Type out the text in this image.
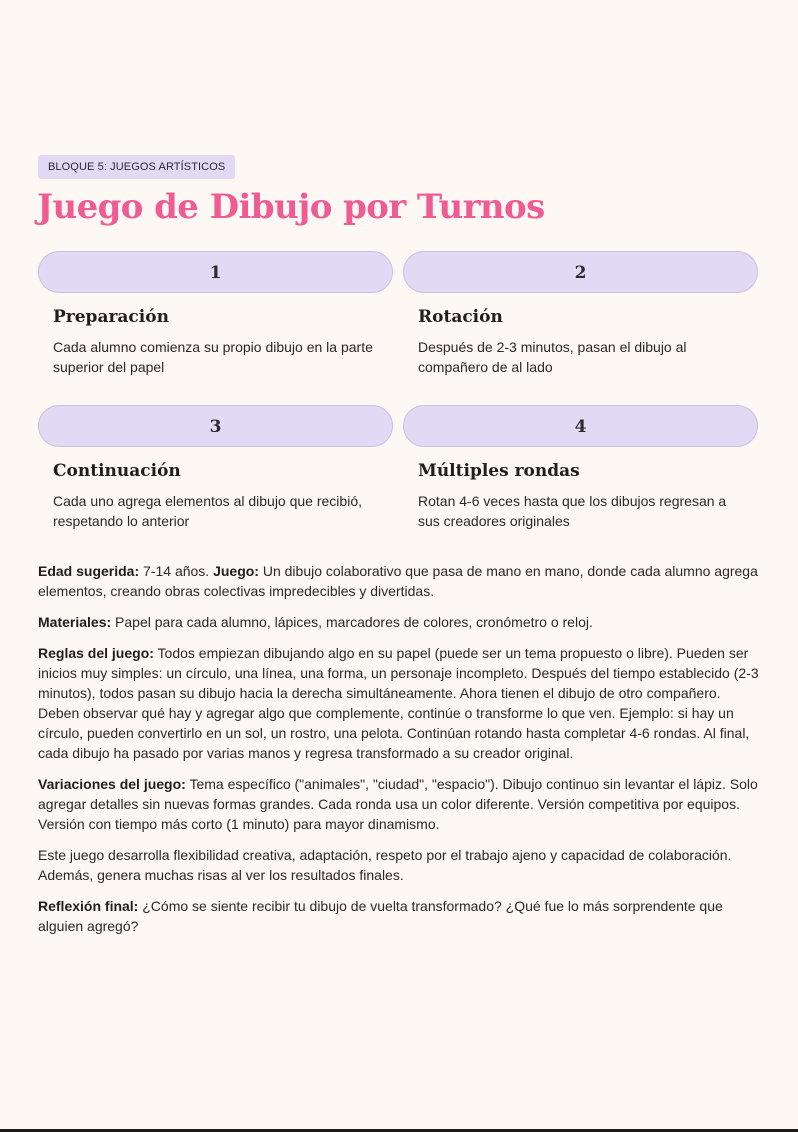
BLOQUE 5: JUEGOS ARTÍSTICOS
Juego de Dibujo por Turnos
1
Preparación
Cada alumno comienza su propio dibujo en la parte superior del papel
2
Rotación
Después de 2-3 minutos, pasan el dibujo al compañero de al lado
3
Continuación
Cada uno agrega elementos al dibujo que recibió, respetando lo anterior
4
Múltiples rondas
Rotan 4-6 veces hasta que los dibujos regresan a sus creadores originales

Edad sugerida: 7-14 años. Juego: Un dibujo colaborativo que pasa de mano en mano, donde cada alumno agrega elementos, creando obras colectivas impredecibles y divertidas.

Materiales: Papel para cada alumno, lápices, marcadores de colores, cronómetro o reloj.

Reglas del juego: Todos empiezan dibujando algo en su papel (puede ser un tema propuesto o libre). Pueden ser inicios muy simples: un círculo, una línea, una forma, un personaje incompleto. Después del tiempo establecido (2-3 minutos), todos pasan su dibujo hacia la derecha simultáneamente. Ahora tienen el dibujo de otro compañero. Deben observar qué hay y agregar algo que complemente, continúe o transforme lo que ven. Ejemplo: si hay un círculo, pueden convertirlo en un sol, un rostro, una pelota. Continúan rotando hasta completar 4-6 rondas. Al final, cada dibujo ha pasado por varias manos y regresa transformado a su creador original.

Variaciones del juego: Tema específico ("animales", "ciudad", "espacio"). Dibujo continuo sin levantar el lápiz. Solo agregar detalles sin nuevas formas grandes. Cada ronda usa un color diferente. Versión competitiva por equipos. Versión con tiempo más corto (1 minuto) para mayor dinamismo.

Este juego desarrolla flexibilidad creativa, adaptación, respeto por el trabajo ajeno y capacidad de colaboración. Además, genera muchas risas al ver los resultados finales.

Reflexión final: ¿Cómo se siente recibir tu dibujo de vuelta transformado? ¿Qué fue lo más sorprendente que alguien agregó?
